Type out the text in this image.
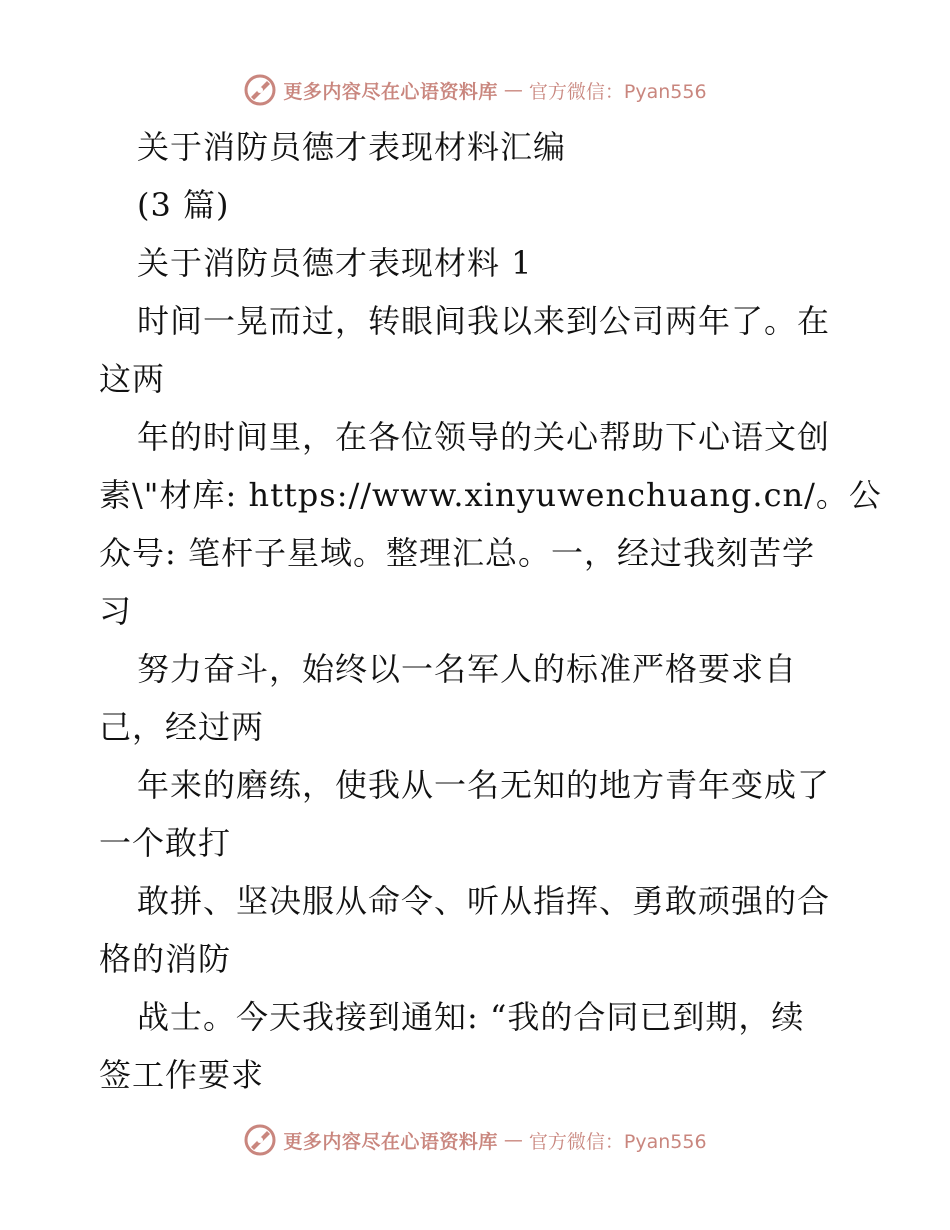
更多内容尽在心语资料库 — 官方微信：Pyan556
关于消防员德才表现材料汇编
(3 篇)
关于消防员德才表现材料 1
时间一晃而过，转眼间我以来到公司两年了。在
这两
年的时间里，在各位领导的关心帮助下心语文创
素\"材库: https://www.xinyuwenchuang.cn/。公
众号: 笔杆子星域。整理汇总。一，经过我刻苦学
习
努力奋斗，始终以一名军人的标准严格要求自
己，经过两
年来的磨练，使我从一名无知的地方青年变成了
一个敢打
敢拼、坚决服从命令、听从指挥、勇敢顽强的合
格的消防
战士。今天我接到通知: “我的合同已到期，续
签工作要求
更多内容尽在心语资料库 — 官方微信：Pyan556
